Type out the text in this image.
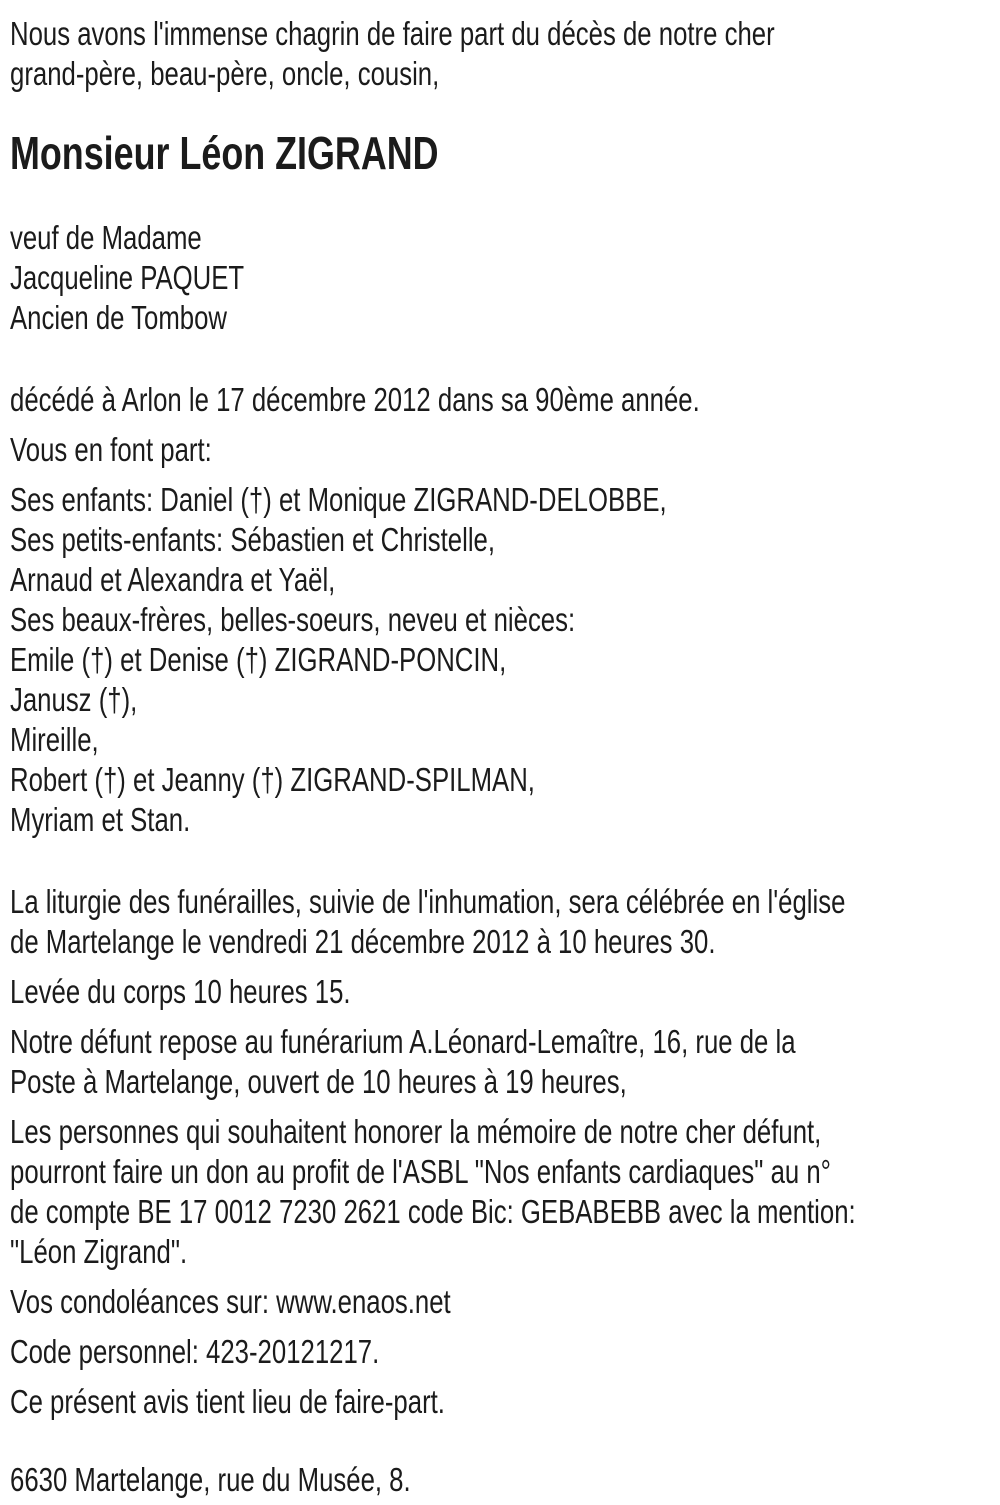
Nous avons l'immense chagrin de faire part du décès de notre cher
grand-père, beau-père, oncle, cousin,

Monsieur Léon ZIGRAND

veuf de Madame
Jacqueline PAQUET
Ancien de Tombow

décédé à Arlon le 17 décembre 2012 dans sa 90ème année.

Vous en font part:

Ses enfants: Daniel (†) et Monique ZIGRAND-DELOBBE,
Ses petits-enfants: Sébastien et Christelle,
Arnaud et Alexandra et Yaël,
Ses beaux-frères, belles-soeurs, neveu et nièces:
Emile (†) et Denise (†) ZIGRAND-PONCIN,
Janusz (†),
Mireille,
Robert (†) et Jeanny (†) ZIGRAND-SPILMAN,
Myriam et Stan.

La liturgie des funérailles, suivie de l'inhumation, sera célébrée en l'église
de Martelange le vendredi 21 décembre 2012 à 10 heures 30.

Levée du corps 10 heures 15.

Notre défunt repose au funérarium A.Léonard-Lemaître, 16, rue de la
Poste à Martelange, ouvert de 10 heures à 19 heures,

Les personnes qui souhaitent honorer la mémoire de notre cher défunt,
pourront faire un don au profit de l'ASBL "Nos enfants cardiaques" au n°
de compte BE 17 0012 7230 2621 code Bic: GEBABEBB avec la mention:
"Léon Zigrand".

Vos condoléances sur: www.enaos.net

Code personnel: 423-20121217.

Ce présent avis tient lieu de faire-part.

6630 Martelange, rue du Musée, 8.
